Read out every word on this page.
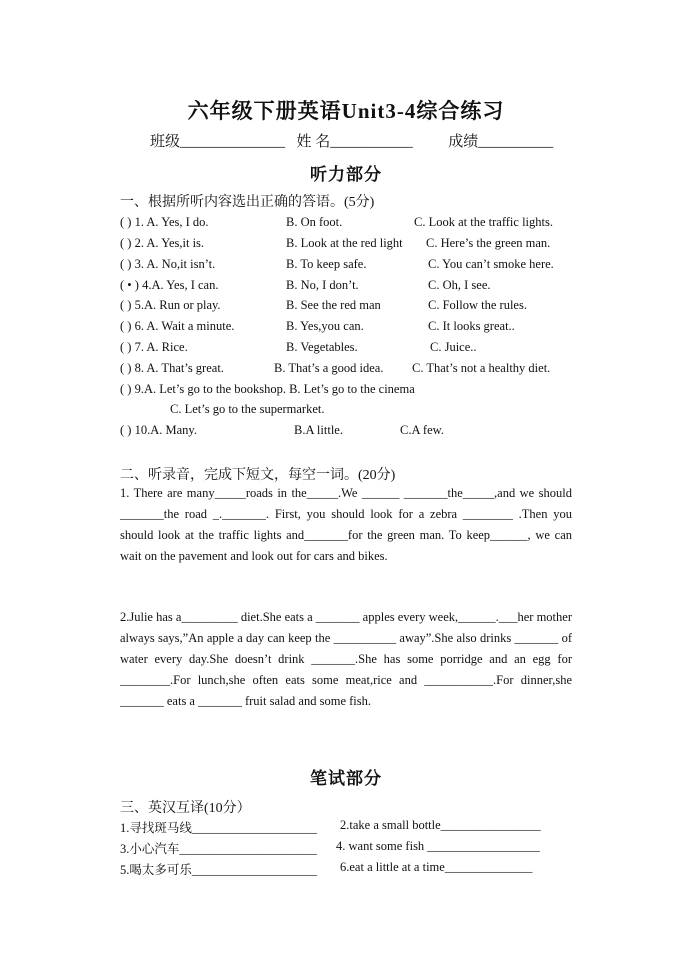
六年级下册英语Unit3-4综合练习
班级______________ 姓 名___________ 成绩__________
听力部分
一、根据所听内容选出正确的答语。(5分)
( ) 1. A. Yes, I do.	B. On foot.	C. Look at the traffic lights.
( ) 2. A. Yes,it is.	B. Look at the red light C. Here’s the green man.
( ) 3. A. No,it isn’t.	B. To keep safe.	C. You can’t smoke here.
( • ) 4.A. Yes, I can.	B. No, I don’t.	C. Oh, I see.
( ) 5.A. Run or play.	B. See the red man	C. Follow the rules.
( ) 6. A. Wait a minute.	B. Yes,you can.	C. It looks great..
( ) 7. A. Rice.	B. Vegetables.	C. Juice..
( ) 8. A. That’s great.	B. That’s a good idea. C. That’s not a healthy diet.
( ) 9.A. Let’s go to the bookshop. B. Let’s go to the cinema
C. Let’s go to the supermarket.
( ) 10.A. Many.	B.A little.	C.A few.
二、听录音，完成下短文，每空一词。(20分)
1. There are many_____roads in the_____.We ______ _______the_____,and we should _______the road _._______. First, you should look for a zebra ________ .Then you should look at the traffic lights and_______for the green man. To keep______, we can wait on the pavement and look out for cars and bikes.
2.Julie has a_________ diet.She eats a _______ apples every week,______.___her mother always says,”An apple a day can keep the __________ away”.She also drinks _______ of water every day.She doesn’t drink _______.She has some porridge and an egg for ________.For lunch,she often eats some meat,rice and ___________.For dinner,she _______ eats a _______ fruit salad and some fish.
笔试部分
三、英汉互译(10分）
1.寻找斑马线____________________ 2.take a small bottle________________
3.小心汽车______________________ 4. want some fish __________________
5.喝太多可乐____________________ 6.eat a little at a time______________
